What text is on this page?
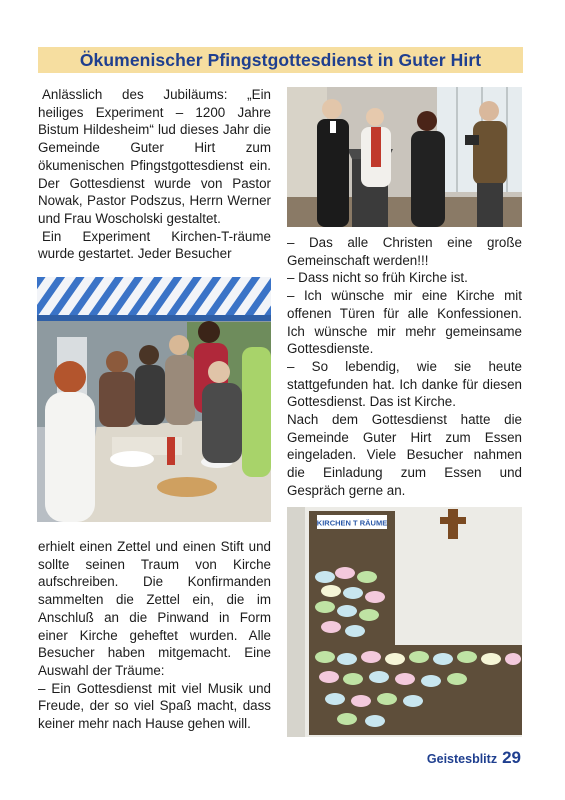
Ökumenischer Pfingstgottesdienst in Guter Hirt

Anlässlich des Jubiläums: „Ein heiliges Experiment – 1200 Jahre Bistum Hildesheim“ lud dieses Jahr die Gemeinde Guter Hirt zum ökumenischen Pfingstgottesdienst ein. Der Gottesdienst wurde von Pastor Nowak, Pastor Podszus, Herrn Werner und Frau Woscholski gestaltet.

Ein Experiment Kirchen-T-räume wurde gestartet. Jeder Besucher

erhielt einen Zettel und einen Stift und sollte seinen Traum von Kirche aufschreiben. Die Konfirmanden sammelten die Zettel ein, die im Anschluß an die Pinwand in Form einer Kirche geheftet wurden. Alle Besucher haben mitgemacht. Eine Auswahl der Träume:

– Ein Gottesdienst mit viel Musik und Freude, der so viel Spaß macht, dass keiner mehr nach Hause gehen will.

– Das alle Christen eine große Gemeinschaft werden!!!

– Dass nicht so früh Kirche ist.

– Ich wünsche mir eine Kirche mit offenen Türen für alle Konfessionen. Ich wünsche mir mehr gemeinsame Gottesdienste.

– So lebendig, wie sie heute stattgefunden hat. Ich danke für diesen Gottesdienst. Das ist Kirche.

Nach dem Gottesdienst hatte die Gemeinde Guter Hirt zum Essen eingeladen. Viele Besucher nahmen die Einladung zum Essen und Gespräch gerne an.

KIRCHEN T RÄUME
Geistesblitz 29
